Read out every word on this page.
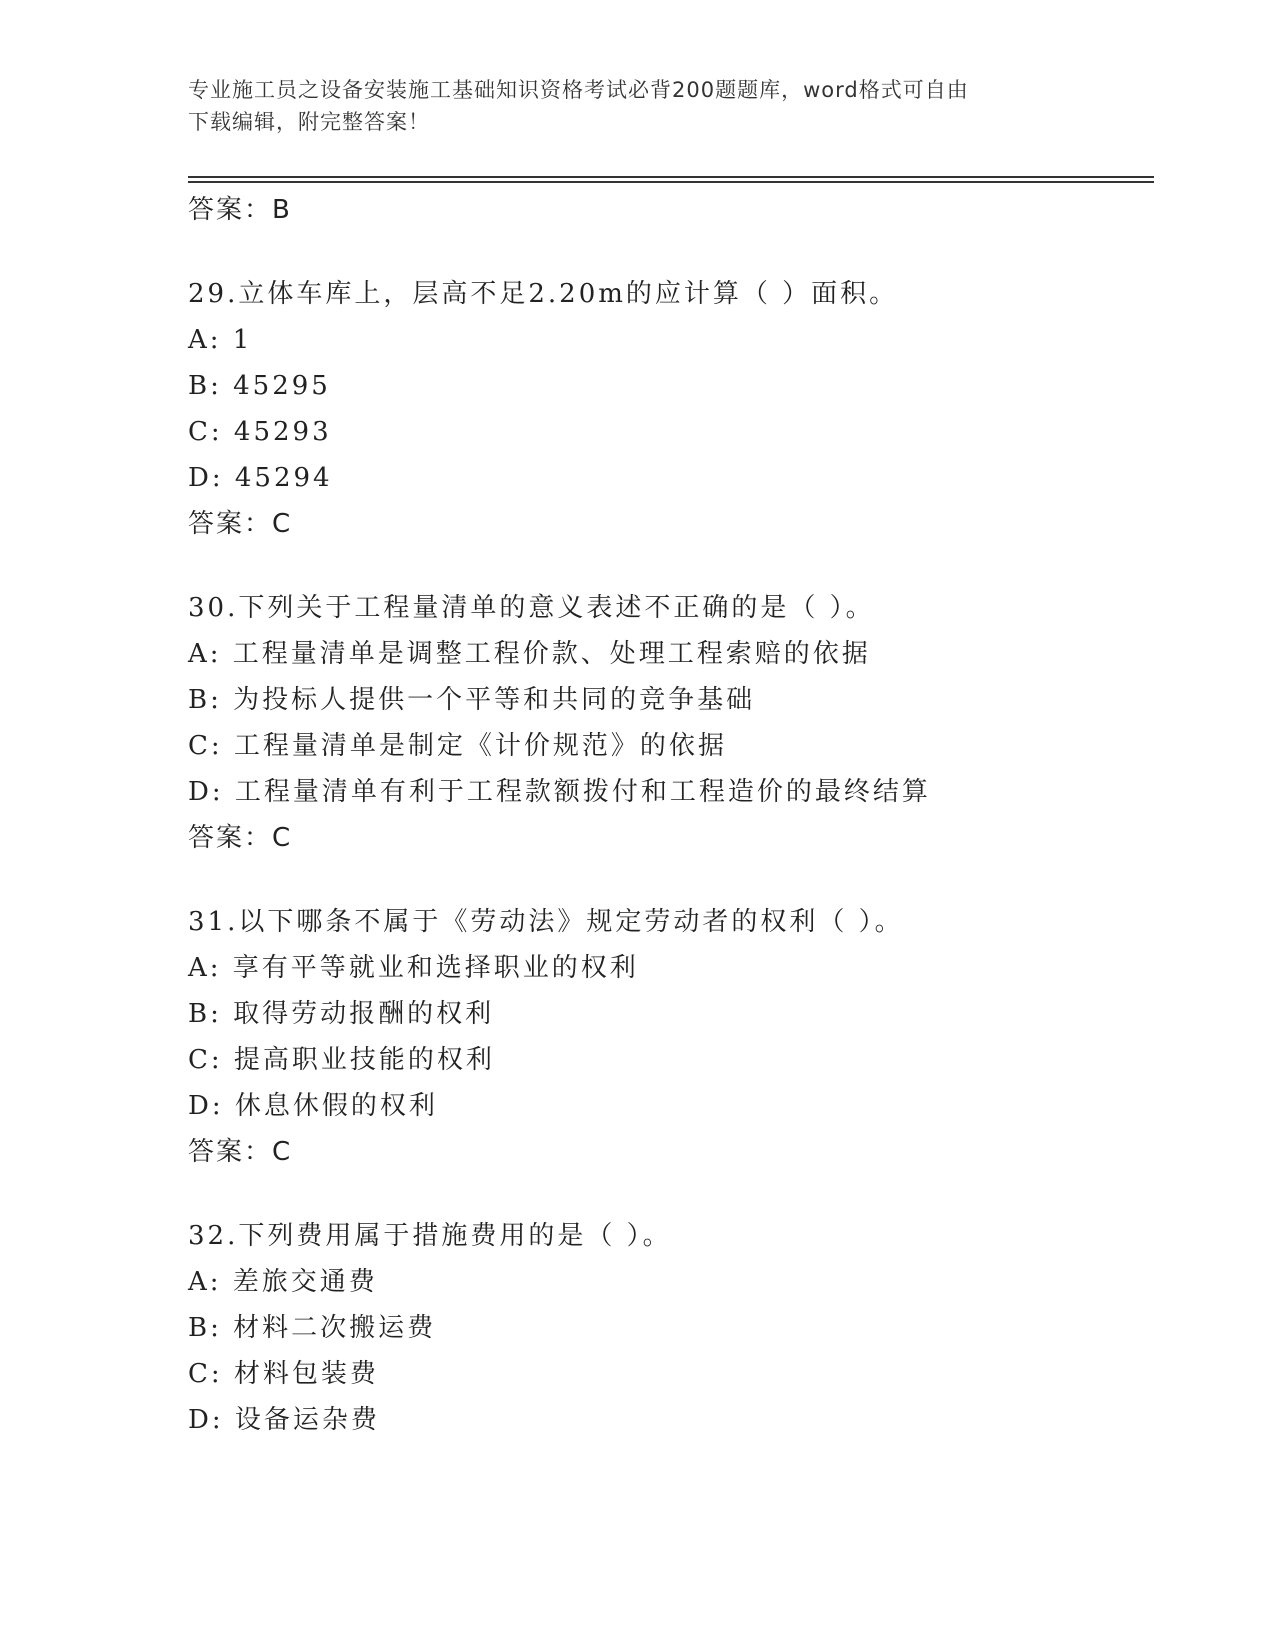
专业施工员之设备安装施工基础知识资格考试必背200题题库，word格式可自由
下载编辑，附完整答案！
答案：B
29.立体车库上，层高不足2.20m的应计算（ ）面积。
A: 1
B: 45295
C: 45293
D: 45294
答案：C
30.下列关于工程量清单的意义表述不正确的是（ ）。
A: 工程量清单是调整工程价款、处理工程索赔的依据
B: 为投标人提供一个平等和共同的竞争基础
C: 工程量清单是制定《计价规范》的依据
D: 工程量清单有利于工程款额拨付和工程造价的最终结算
答案：C
31.以下哪条不属于《劳动法》规定劳动者的权利（ ）。
A: 享有平等就业和选择职业的权利
B: 取得劳动报酬的权利
C: 提高职业技能的权利
D: 休息休假的权利
答案：C
32.下列费用属于措施费用的是（ ）。
A: 差旅交通费
B: 材料二次搬运费
C: 材料包装费
D: 设备运杂费
